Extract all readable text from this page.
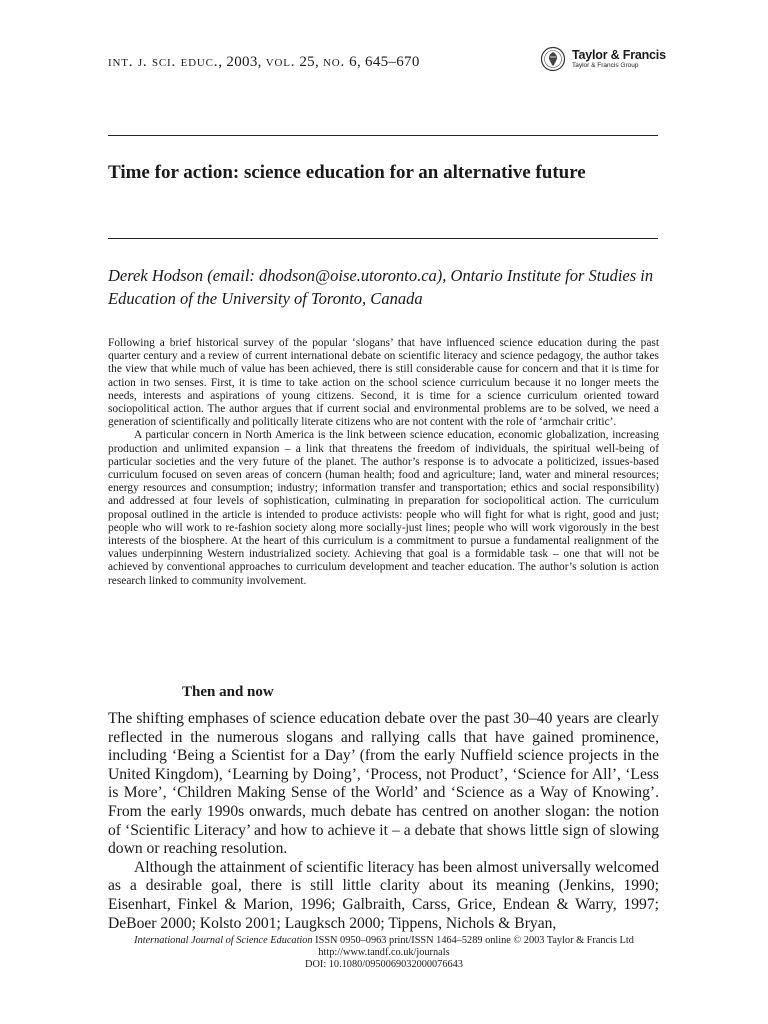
int. j. sci. educ., 2003, vol. 25, no. 6, 645–670	Taylor & Francis
Taylor & Francis Group
Time for action: science education for an alternative future
Derek Hodson (email: dhodson@oise.utoronto.ca), Ontario Institute for Studies in Education of the University of Toronto, Canada

Following a brief historical survey of the popular ‘slogans’ that have influenced science education during the past quarter century and a review of current international debate on scientific literacy and science pedagogy, the author takes the view that while much of value has been achieved, there is still considerable cause for concern and that it is time for action in two senses. First, it is time to take action on the school science curriculum because it no longer meets the needs, interests and aspirations of young citizens. Second, it is time for a science curriculum oriented toward sociopolitical action. The author argues that if current social and environmental problems are to be solved, we need a generation of scientifically and politically literate citizens who are not content with the role of ‘armchair critic’.

A particular concern in North America is the link between science education, economic globalization, increasing production and unlimited expansion – a link that threatens the freedom of individuals, the spiritual well-being of particular societies and the very future of the planet. The author’s response is to advocate a politicized, issues-based curriculum focused on seven areas of concern (human health; food and agriculture; land, water and mineral resources; energy resources and consumption; industry; information transfer and transportation; ethics and social responsibility) and addressed at four levels of sophistication, culminating in preparation for sociopolitical action. The curriculum proposal outlined in the article is intended to produce activists: people who will fight for what is right, good and just; people who will work to re-fashion society along more socially-just lines; people who will work vigorously in the best interests of the biosphere. At the heart of this curriculum is a commitment to pursue a fundamental realignment of the values underpinning Western industrialized society. Achieving that goal is a formidable task – one that will not be achieved by conventional approaches to curriculum development and teacher education. The author’s solution is action research linked to community involvement.

Then and now

The shifting emphases of science education debate over the past 30–40 years are clearly reflected in the numerous slogans and rallying calls that have gained prominence, including ‘Being a Scientist for a Day’ (from the early Nuffield science projects in the United Kingdom), ‘Learning by Doing’, ‘Process, not Product’, ‘Science for All’, ‘Less is More’, ‘Children Making Sense of the World’ and ‘Science as a Way of Knowing’. From the early 1990s onwards, much debate has centred on another slogan: the notion of ‘Scientific Literacy’ and how to achieve it – a debate that shows little sign of slowing down or reaching resolution.

Although the attainment of scientific literacy has been almost universally welcomed as a desirable goal, there is still little clarity about its meaning (Jenkins, 1990; Eisenhart, Finkel & Marion, 1996; Galbraith, Carss, Grice, Endean & Warry, 1997; DeBoer 2000; Kolsto 2001; Laugksch 2000; Tippens, Nichols & Bryan,

International Journal of Science Education ISSN 0950–0963 print/ISSN 1464–5289 online © 2003 Taylor & Francis Ltd
http://www.tandf.co.uk/journals
DOI: 10.1080/0950069032000076643
